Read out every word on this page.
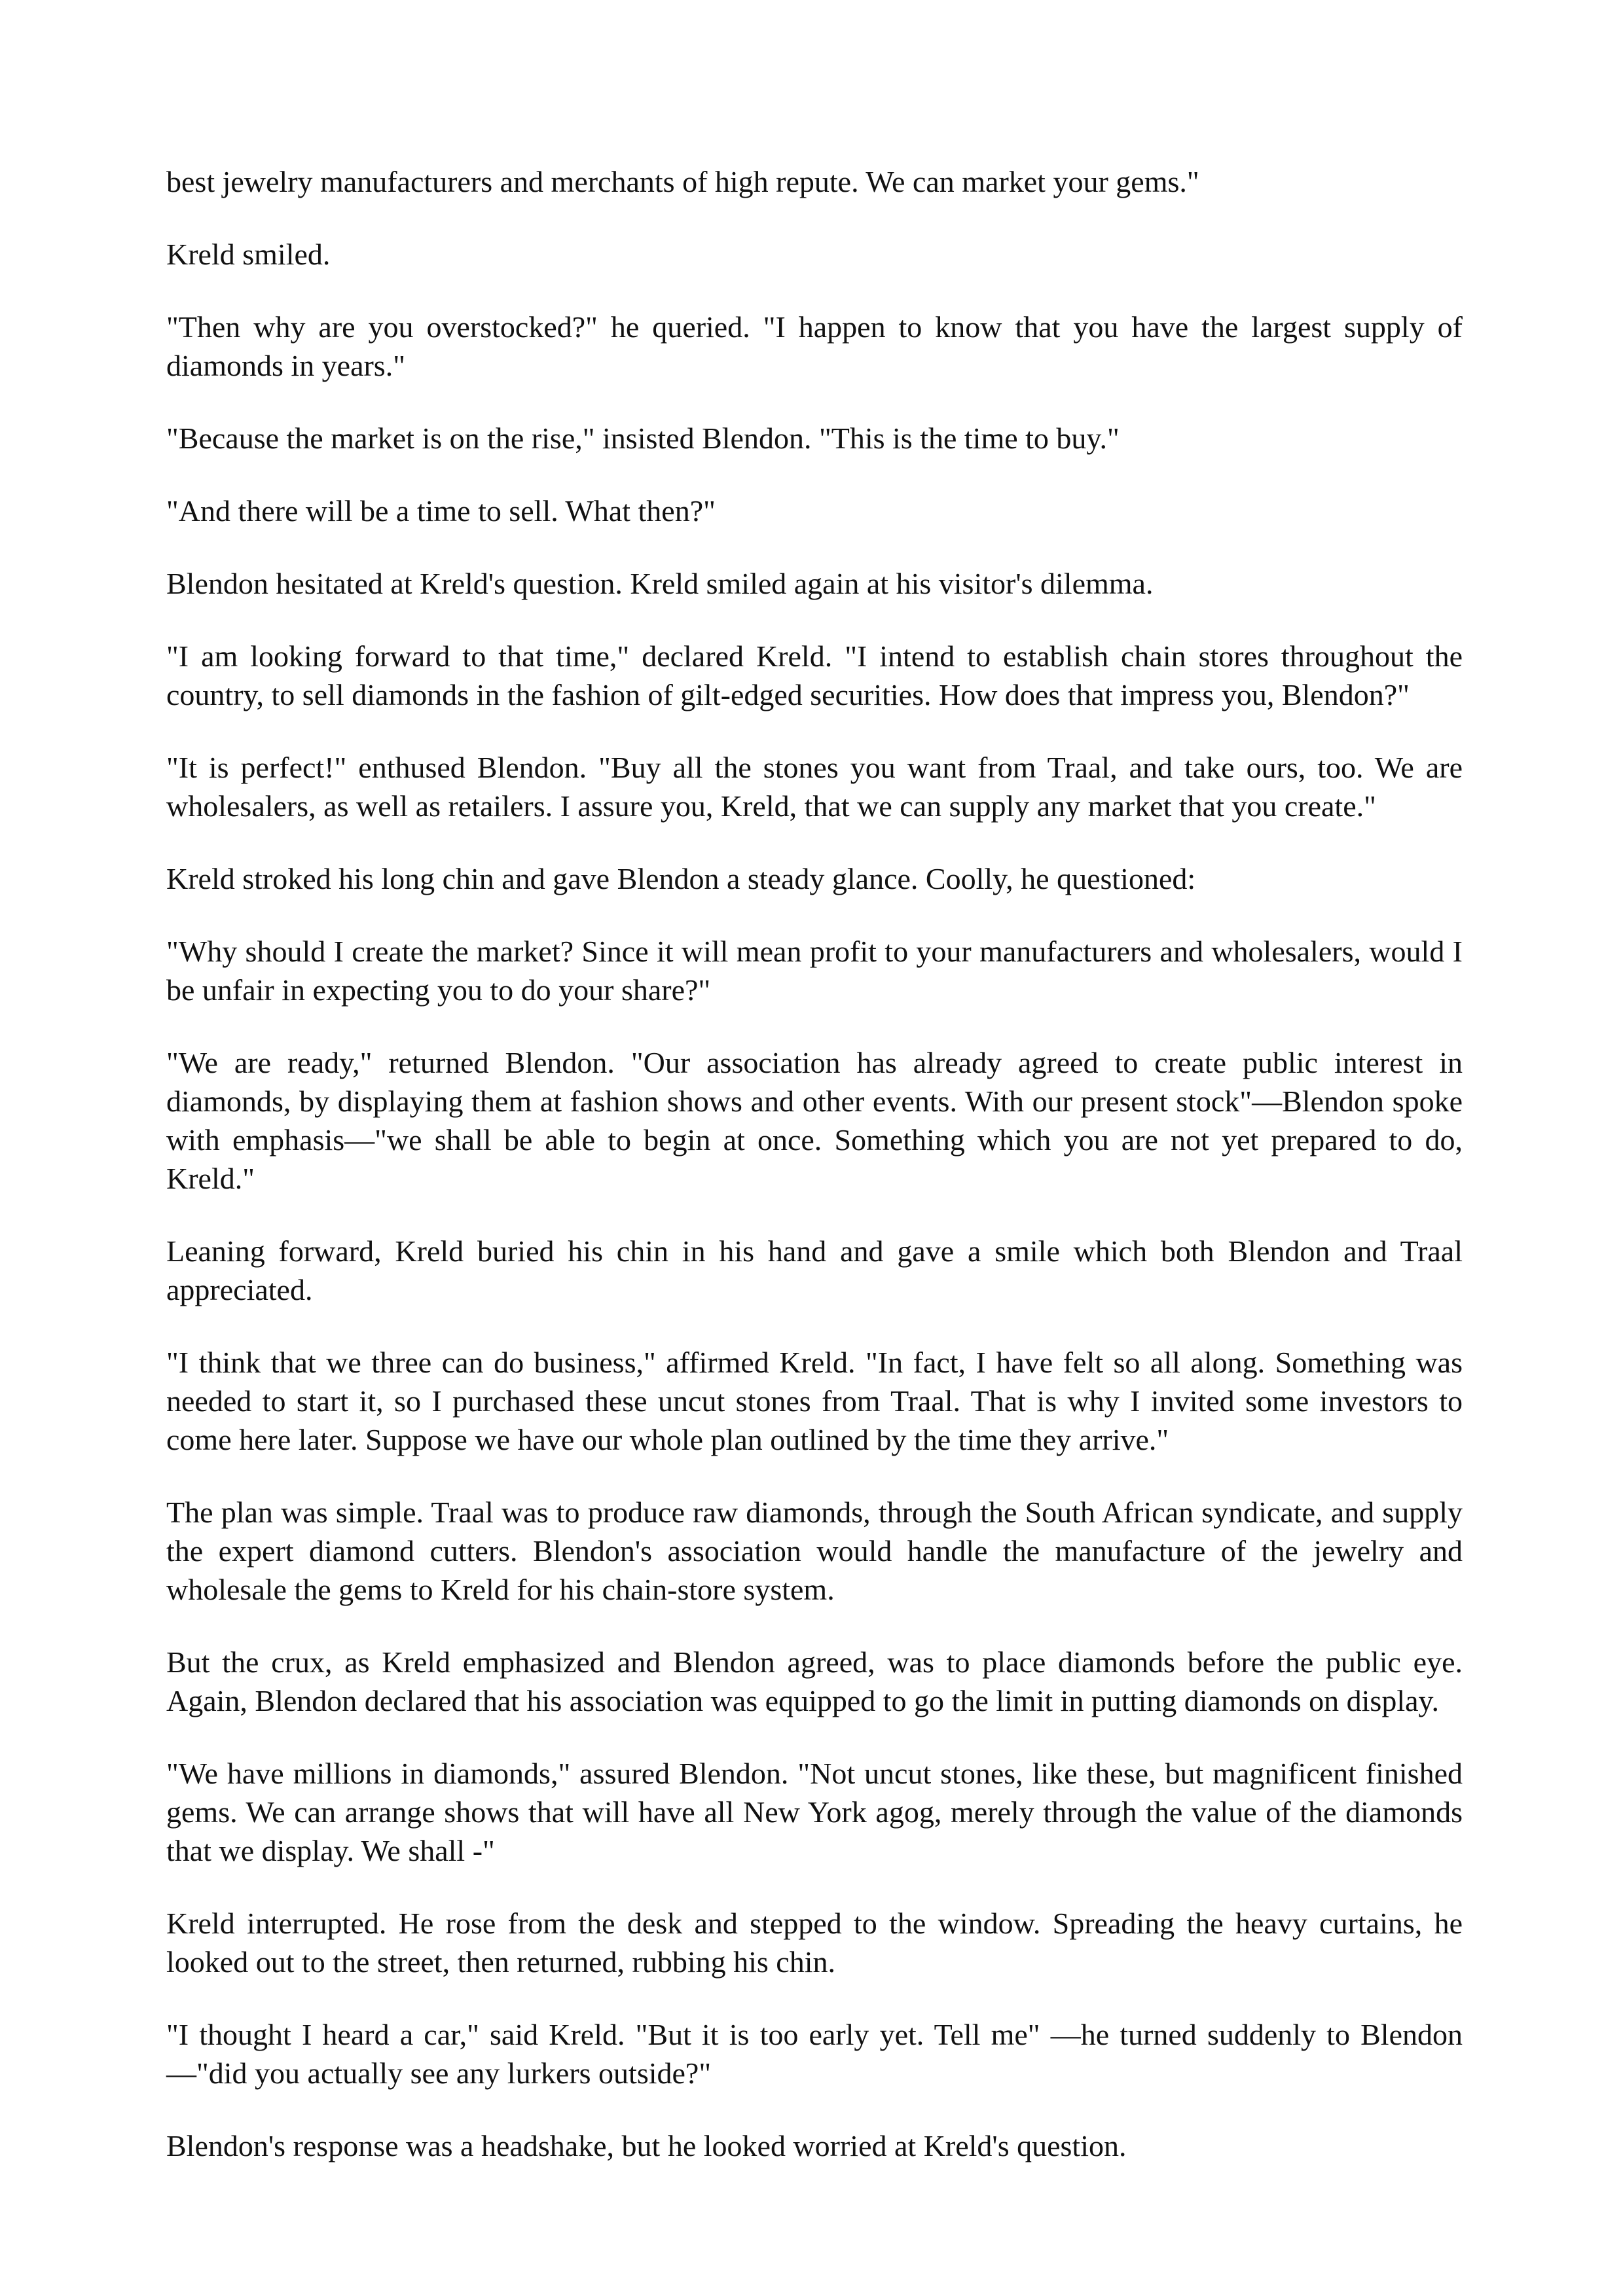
best jewelry manufacturers and merchants of high repute. We can market your gems."

Kreld smiled.

"Then why are you overstocked?" he queried. "I happen to know that you have the largest supply of diamonds in years."

"Because the market is on the rise," insisted Blendon. "This is the time to buy."

"And there will be a time to sell. What then?"

Blendon hesitated at Kreld's question. Kreld smiled again at his visitor's dilemma.

"I am looking forward to that time," declared Kreld. "I intend to establish chain stores throughout the country, to sell diamonds in the fashion of gilt-edged securities. How does that impress you, Blendon?"

"It is perfect!" enthused Blendon. "Buy all the stones you want from Traal, and take ours, too. We are wholesalers, as well as retailers. I assure you, Kreld, that we can supply any market that you create."

Kreld stroked his long chin and gave Blendon a steady glance. Coolly, he questioned:

"Why should I create the market? Since it will mean profit to your manufacturers and wholesalers, would I be unfair in expecting you to do your share?"

"We are ready," returned Blendon. "Our association has already agreed to create public interest in diamonds, by displaying them at fashion shows and other events. With our present stock"—Blendon spoke with emphasis—"we shall be able to begin at once. Something which you are not yet prepared to do, Kreld."

Leaning forward, Kreld buried his chin in his hand and gave a smile which both Blendon and Traal appreciated.

"I think that we three can do business," affirmed Kreld. "In fact, I have felt so all along. Something was needed to start it, so I purchased these uncut stones from Traal. That is why I invited some investors to come here later. Suppose we have our whole plan outlined by the time they arrive."

The plan was simple. Traal was to produce raw diamonds, through the South African syndicate, and supply the expert diamond cutters. Blendon's association would handle the manufacture of the jewelry and wholesale the gems to Kreld for his chain-store system.

But the crux, as Kreld emphasized and Blendon agreed, was to place diamonds before the public eye. Again, Blendon declared that his association was equipped to go the limit in putting diamonds on display.

"We have millions in diamonds," assured Blendon. "Not uncut stones, like these, but magnificent finished gems. We can arrange shows that will have all New York agog, merely through the value of the diamonds that we display. We shall -"

Kreld interrupted. He rose from the desk and stepped to the window. Spreading the heavy curtains, he looked out to the street, then returned, rubbing his chin.

"I thought I heard a car," said Kreld. "But it is too early yet. Tell me" —he turned suddenly to Blendon—"did you actually see any lurkers outside?"

Blendon's response was a headshake, but he looked worried at Kreld's question.
